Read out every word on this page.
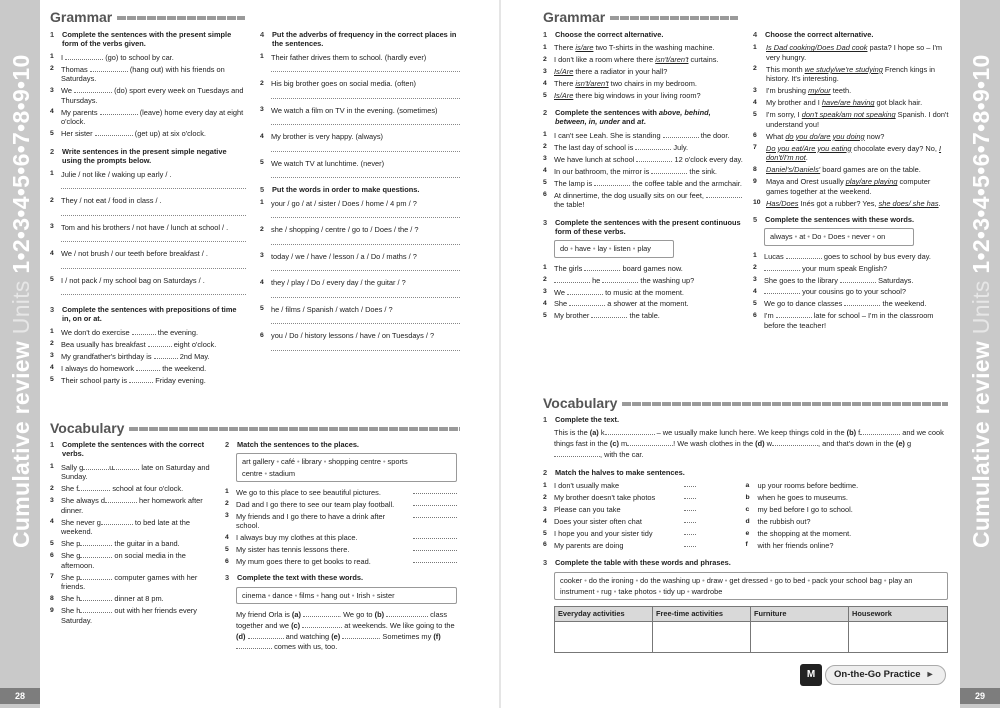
Cumulative review Units 1•2•3•4•5•6•7•8•9•10
28
Cumulative review Units 1•2•3•4•5•6•7•8•9•10
29
Grammar
1	Complete the sentences with the present simple form of the verbs given.
1 I	(go) to school by car.
2 Thomas	(hang out) with his friends on Saturdays.
3 We	(do) sport every week on Tuesdays and Thursdays.
4 My parents	(leave) home every day at eight o'clock.
5 Her sister	(get up) at six o'clock.
2	Write sentences in the present simple negative using the prompts below.
1 Julie / not like / waking up early / .
2 They / not eat / food in class / .
3 Tom and his brothers / not have / lunch at school / .
4 We / not brush / our teeth before breakfast / .
5 I / not pack / my school bag on Saturdays / .
3	Complete the sentences with prepositions of time in, on or at.
1 We don't do exercise	the evening.
2 Bea usually has breakfast	eight o'clock.
3 My grandfather's birthday is	2nd May.
4 I always do homework	the weekend.
5 Their school party is	Friday evening.
4	Put the adverbs of frequency in the correct places in the sentences.
1 Their father drives them to school. (hardly ever)
2 His big brother goes on social media. (often)
3 We watch a film on TV in the evening. (sometimes)
4 My brother is very happy. (always)
5 We watch TV at lunchtime. (never)
5	Put the words in order to make questions.
1 your / go / at / sister / Does / home / 4 pm / ?
2 she / shopping / centre / go to / Does / the / ?
3 today / we / have / lesson / a / Do / maths / ?
4 they / play / Do / every day / the guitar / ?
5 he / films / Spanish / watch / Does / ?
6 you / Do / history lessons / have / on Tuesdays / ?
Vocabulary
1	Complete the sentences with the correct verbs.
1 Sally g	u	late on Saturday and Sunday.
2 She f	school at four o'clock.
3 She always d	her homework after dinner.
4 She never g	to bed late at the weekend.
5 She p	the guitar in a band.
6 She g	on social media in the afternoon.
7 She p	computer games with her friends.
8 She h	dinner at 8 pm.
9 She h	out with her friends every Saturday.
2	Match the sentences to the places.
art gallery • café • library • shopping centre • sports centre • stadium
1 We go to this place to see beautiful pictures.
2 Dad and I go there to see our team play football.
3 My friends and I go there to have a drink after school.
4 I always buy my clothes at this place.
5 My sister has tennis lessons there.
6 My mum goes there to get books to read.
3	Complete the text with these words.
cinema • dance • films • hang out • Irish • sister
My friend Orla is (a)	. We go to (b)	class together and we (c)	at weekends. We like going to the (d)	and watching (e)	. Sometimes my (f)  comes with us, too.
Grammar
1	Choose the correct alternative.
1 There is/are two T-shirts in the washing machine.
2 I don't like a room where there isn't/aren't curtains.
3 Is/Are there a radiator in your hall?
4 There isn't/aren't two chairs in my bedroom.
5 Is/Are there big windows in your living room?
2	Complete the sentences with above, behind, between, in, under and at.
1 I can't see Leah. She is standing	the door.
2 The last day of school is	July.
3 We have lunch at school	12 o'clock every day.
4 In our bathroom, the mirror is	the sink.
5 The lamp is	the coffee table and the armchair.
6 At dinnertime, the dog usually sits on our feet,  the table!
3	Complete the sentences with the present continuous form of these verbs.
do • have • lay • listen • play
1 The girls	board games now.
2	he	the washing up?
3 We	to music at the moment.
4 She	a shower at the moment.
5 My brother	the table.
4	Choose the correct alternative.
1	Is Dad cooking/Does Dad cook pasta? I hope so – I'm very hungry.
2	This month we study/we're studying French kings in history. It's interesting.
3	I'm brushing my/our teeth.
4	My brother and I have/are having got black hair.
5	I'm sorry, I don't speak/am not speaking Spanish. I don't understand you!
6	What do you do/are you doing now?
7	Do you eat/Are you eating chocolate every day? No, I don't/I'm not.
8	Daniel's/Daniels' board games are on the table.
9	Maya and Orest usually play/are playing computer games together at the weekend.
10 Has/Does Inés got a rubber? Yes, she does/ she has.
5	Complete the sentences with these words.
always • at • Do • Does • never • on
1 Lucas	goes to school by bus every day.
2	your mum speak English?
3 She goes to the library	Saturdays.
4	your cousins go to your school?
5 We go to dance classes	the weekend.
6 I'm	late for school – I'm in the classroom before the teacher!
Vocabulary
1	Complete the text.
This is the (a) k	– we usually make lunch here. We keep things cold in the (b) f	and we cook things fast in the (c) m	! We wash clothes in the (d) w	, and that's down in the (e) g, with the car.
2	Match the halves to make sentences.
1 I don't usually make	a	up your rooms before bedtime.
2 My brother doesn't take photos	b	when he goes to museums.
3 Please can you take	c	my bed before I go to school.
4 Does your sister often chat	d	the rubbish out?
5 I hope you and your sister tidy	e	the shopping at the moment.
6 My parents are doing	f	with her friends online?
3	Complete the table with these words and phrases.
cooker • do the ironing • do the washing up • draw • get dressed • go to bed • pack your school bag • play an instrument • rug • take photos • tidy up • wardrobe
Everyday activities	Free-time activities	Furniture	Housework
M On-the-Go Practice ►
